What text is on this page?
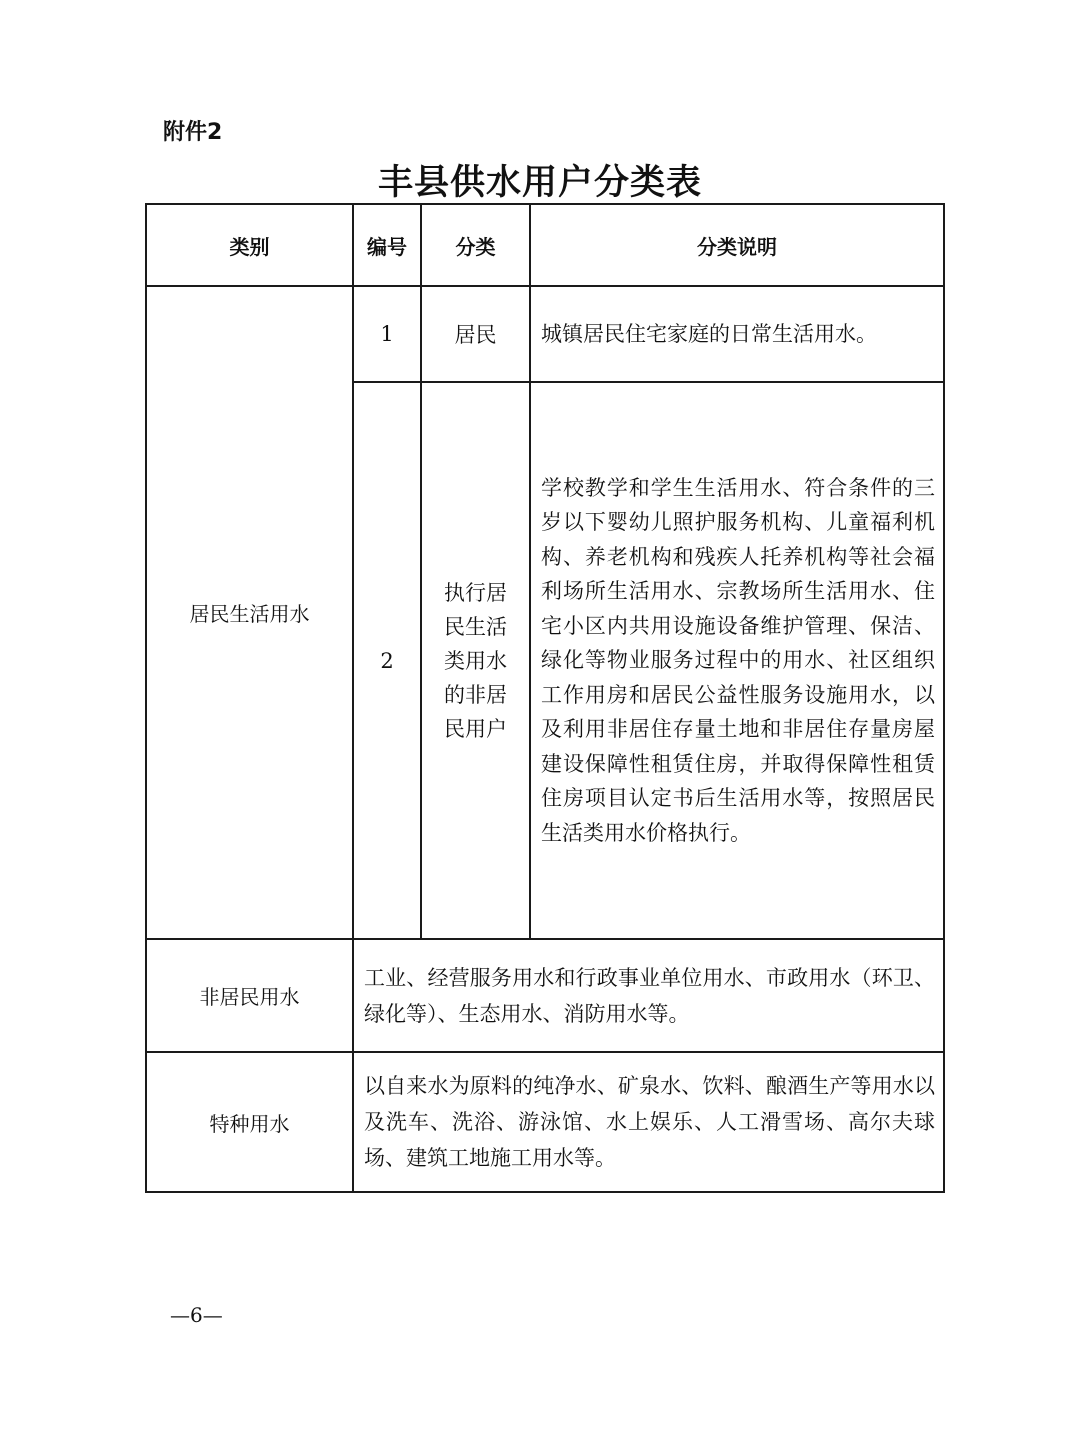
附件2
丰县供水用户分类表
类别	编号	分类	分类说明
居民生活用水	1	居民	城镇居民住宅家庭的日常生活用水。
	2	执行居民生活类用水的非居民用户	学校教学和学生生活用水、符合条件的三岁以下婴幼儿照护服务机构、儿童福利机构、养老机构和残疾人托养机构等社会福利场所生活用水、宗教场所生活用水、住宅小区内共用设施设备维护管理、保洁、绿化等物业服务过程中的用水、社区组织工作用房和居民公益性服务设施用水，以及利用非居住存量土地和非居住存量房屋建设保障性租赁住房，并取得保障性租赁住房项目认定书后生活用水等，按照居民生活类用水价格执行。
非居民用水	工业、经营服务用水和行政事业单位用水、市政用水（环卫、绿化等）、生态用水、消防用水等。		
特种用水	以自来水为原料的纯净水、矿泉水、饮料、酿酒生产等用水以及洗车、洗浴、游泳馆、水上娱乐、人工滑雪场、高尔夫球场、建筑工地施工用水等。		
—6—
